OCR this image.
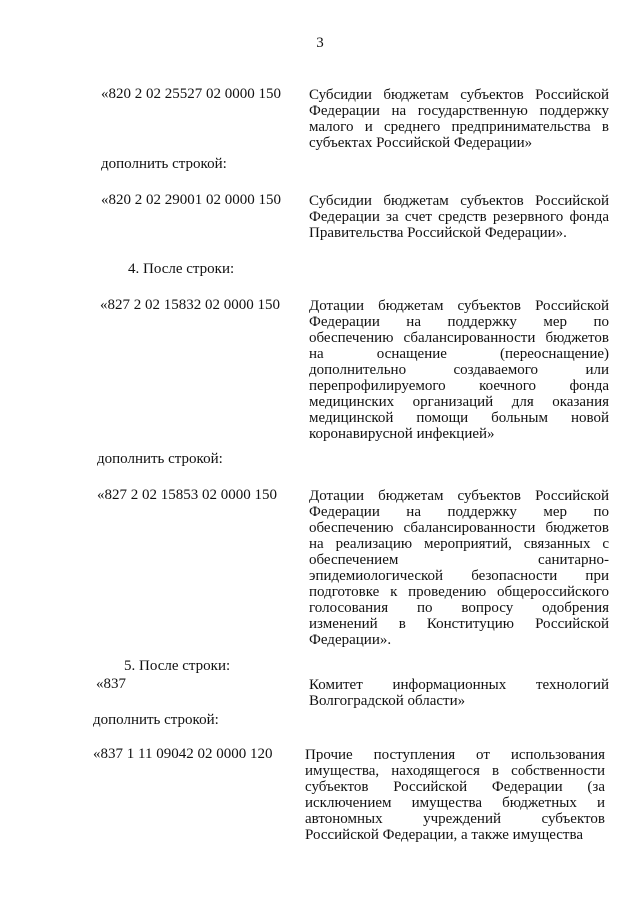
3
«820 2 02 25527 02 0000 150 Субсидии бюджетам субъектов Российской
Федерации на государственную поддержку
малого и среднего предпринимательства в
субъектах Российской Федерации»
дополнить строкой:
«820 2 02 29001 02 0000 150 Субсидии бюджетам субъектов Российской
Федерации за счет средств резервного фонда
Правительства Российской Федерации».
4. После строки:
«827 2 02 15832 02 0000 150 Дотации бюджетам субъектов Российской
Федерации на поддержку мер по
обеспечению сбалансированности бюджетов
на оснащение (переоснащение)
дополнительно создаваемого или
перепрофилируемого коечного фонда
медицинских организаций для оказания
медицинской помощи больным новой
коронавирусной инфекцией»
дополнить строкой:
«827 2 02 15853 02 0000 150 Дотации бюджетам субъектов Российской
Федерации на поддержку мер по
обеспечению сбалансированности бюджетов
на реализацию мероприятий, связанных с
обеспечением санитарно-
эпидемиологической безопасности при
подготовке к проведению общероссийского
голосования по вопросу одобрения
изменений в Конституцию Российской
Федерации».
5. После строки:
«837	Комитет информационных технологий
Волгоградской области»
дополнить строкой:
«837 1 11 09042 02 0000 120 Прочие поступления от использования
имущества, находящегося в собственности
субъектов Российской Федерации (за
исключением имущества бюджетных и
автономных учреждений субъектов
Российской Федерации, а также имущества
